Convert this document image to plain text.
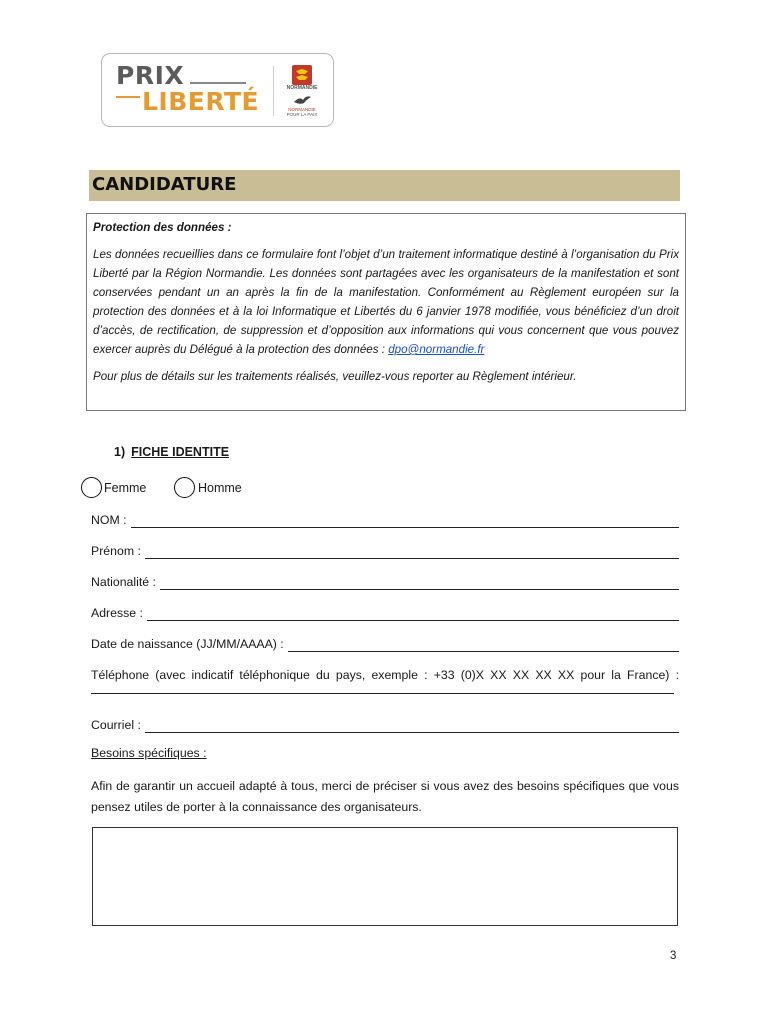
PRIX
LIBERTÉ	NORMANDIE
NORMANDIE
POUR LA PAIX
CANDIDATURE
Protection des données :

Les données recueillies dans ce formulaire font l’objet d’un traitement informatique destiné à l’organisation du Prix Liberté par la Région Normandie. Les données sont partagées avec les organisateurs de la manifestation et sont conservées pendant un an après la fin de la manifestation. Conformément au Règlement européen sur la protection des données et à la loi Informatique et Libertés du 6 janvier 1978 modifiée, vous bénéficiez d’un droit d’accès, de rectification, de suppression et d’opposition aux informations qui vous concernent que vous pouvez exercer auprès du Délégué à la protection des données : dpo@normandie.fr

Pour plus de détails sur les traitements réalisés, veuillez-vous reporter au Règlement intérieur.

1) FICHE IDENTITE
Femme	Homme
NOM :
Prénom :
Nationalité :
Adresse :
Date de naissance (JJ/MM/AAAA) :
Téléphone (avec indicatif téléphonique du pays, exemple : +33 (0)X XX XX XX XX pour la France) :
Courriel :
Besoins spécifiques :
Afin de garantir un accueil adapté à tous, merci de préciser si vous avez des besoins spécifiques que vous pensez utiles de porter à la connaissance des organisateurs.
3
